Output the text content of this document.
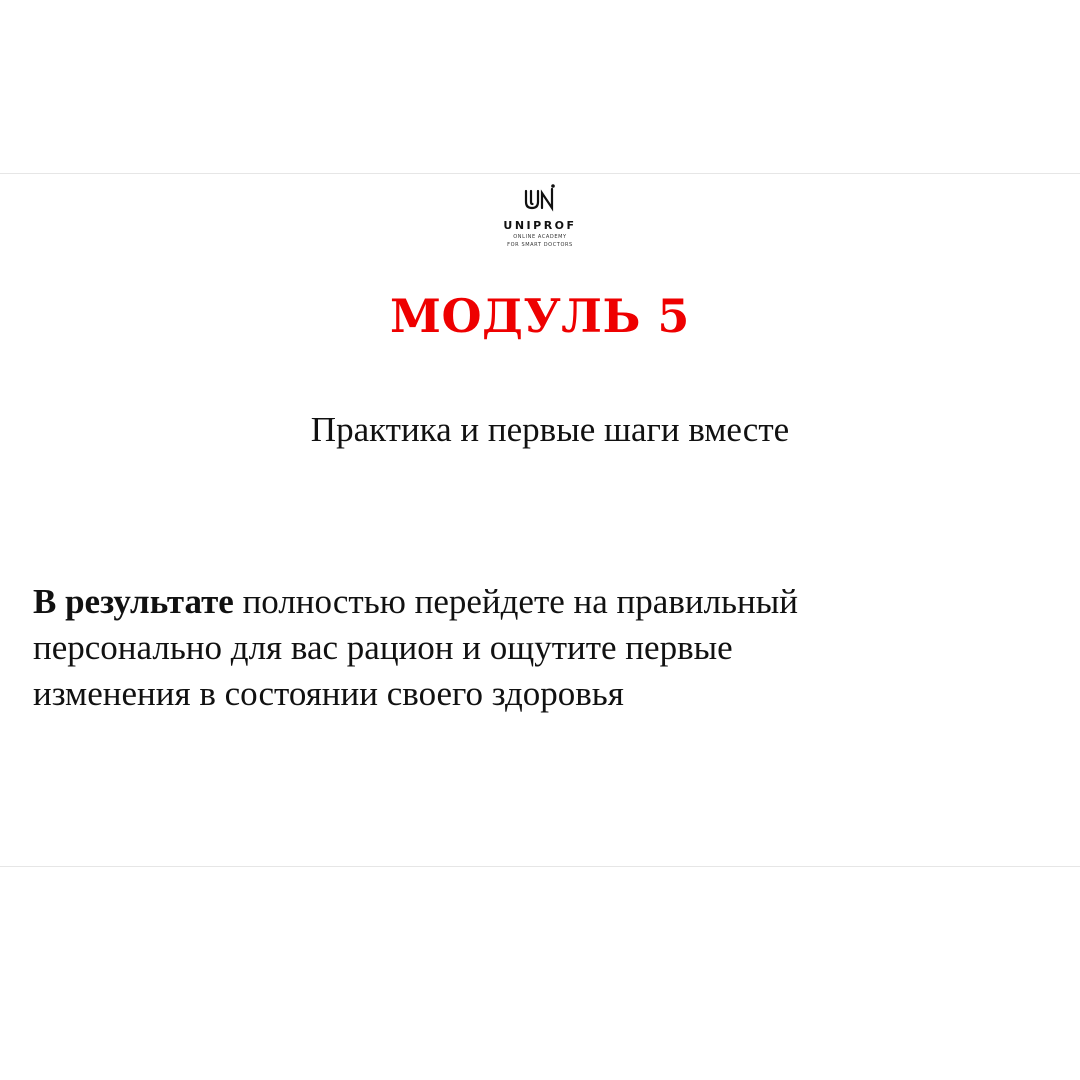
UNIPROF
ONLINE ACADEMY
FOR SMART DOCTORS
МОДУЛЬ 5
Практика и первые шаги вместе

В результате полностью перейдете на правильный
персонально для вас рацион и ощутите первые
изменения в состоянии своего здоровья
